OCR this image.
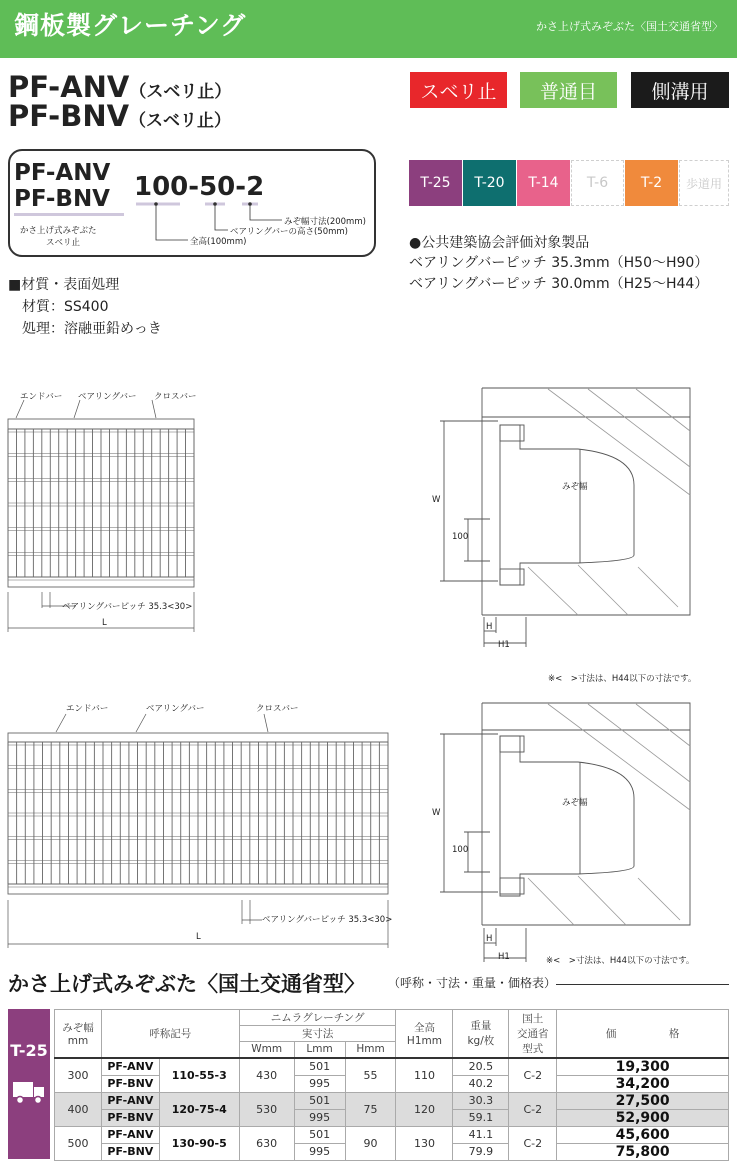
鋼板製グレーチング	かさ上げ式みぞぶた〈国土交通省型〉
PF-ANV（スベリ止）
PF-BNV（スベリ止）
スベリ止	普通目	側溝用
T-25	T-20	T-14	T-6	T-2	歩道用
PF-ANV
PF-BNV
かさ上げ式みぞぶた
スベリ止
100-50-2
みぞ幅寸法(200mm)
ベアリングバーの高さ(50mm)
全高(100mm)	●公共建築協会評価対象製品
ベアリングバーピッチ 35.3mm（H50〜H90）
ベアリングバーピッチ 30.0mm（H25〜H44）
■材質・表面処理
材質：SS400
処理：溶融亜鉛めっき
エンドバー ベアリングバー クロスバー
ベアリングバーピッチ 35.3<30>
L
W
100
みぞ幅
H
H1
※<　>寸法は、H44以下の寸法です。
エンドバー	ベアリングバー	クロスバー
ベアリングバーピッチ 35.3<30>
L
W
100
みぞ幅
H
H1	※<　>寸法は、H44以下の寸法です。
かさ上げ式みぞぶた〈国土交通省型〉 （呼称・寸法・重量・価格表）
T-25
みぞ幅
mm	呼称記号		ニムラグレーチング			全高
H1mm	重量
kg/枚	国土
交通省
型式	価　　　　　格
			実寸法						
			Wmm	Lmm	Hmm				
300	PF-ANV	110-55-3	430	501	55	110	20.5	C-2	19,300
	PF-BNV			995			40.2		34,200
400	PF-ANV	120-75-4	530	501	75	120	30.3	C-2	27,500
	PF-BNV			995			59.1		52,900
500	PF-ANV	130-90-5	630	501	90	130	41.1	C-2	45,600
	PF-BNV			995			79.9		75,800
